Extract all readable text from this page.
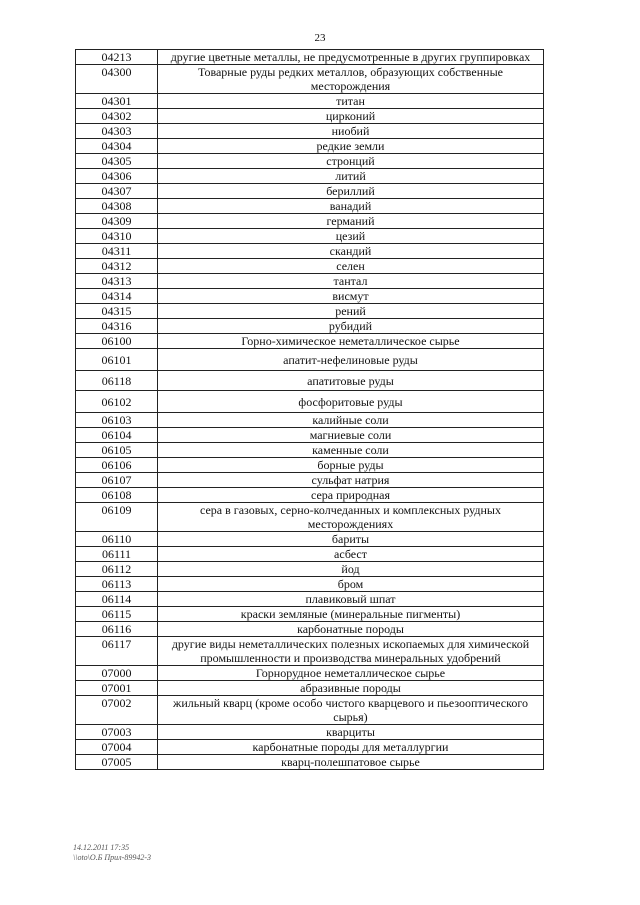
23
04213	другие цветные металлы, не предусмотренные в других группировках
04300	Товарные руды редких металлов, образующих собственные месторождения
04301	титан
04302	цирконий
04303	ниобий
04304	редкие земли
04305	стронций
04306	литий
04307	бериллий
04308	ванадий
04309	германий
04310	цезий
04311	скандий
04312	селен
04313	тантал
04314	висмут
04315	рений
04316	рубидий
06100	Горно-химическое неметаллическое сырье
06101	апатит-нефелиновые руды
06118	апатитовые руды
06102	фосфоритовые руды
06103	калийные соли
06104	магниевые соли
06105	каменные соли
06106	борные руды
06107	сульфат натрия
06108	сера природная
06109	сера в газовых, серно-колчеданных и комплексных рудных месторождениях
06110	бариты
06111	асбест
06112	йод
06113	бром
06114	плавиковый шпат
06115	краски земляные (минеральные пигменты)
06116	карбонатные породы
06117	другие виды неметаллических полезных ископаемых для химической промышленности и производства минеральных удобрений
07000	Горнорудное неметаллическое сырье
07001	абразивные породы
07002	жильный кварц (кроме особо чистого кварцевого и пьезооптического сырья)
07003	кварциты
07004	карбонатные породы для металлургии
07005	кварц-полешпатовое сырье
14.12.2011 17:35
\\oto\О.Б Прил-89942-3
